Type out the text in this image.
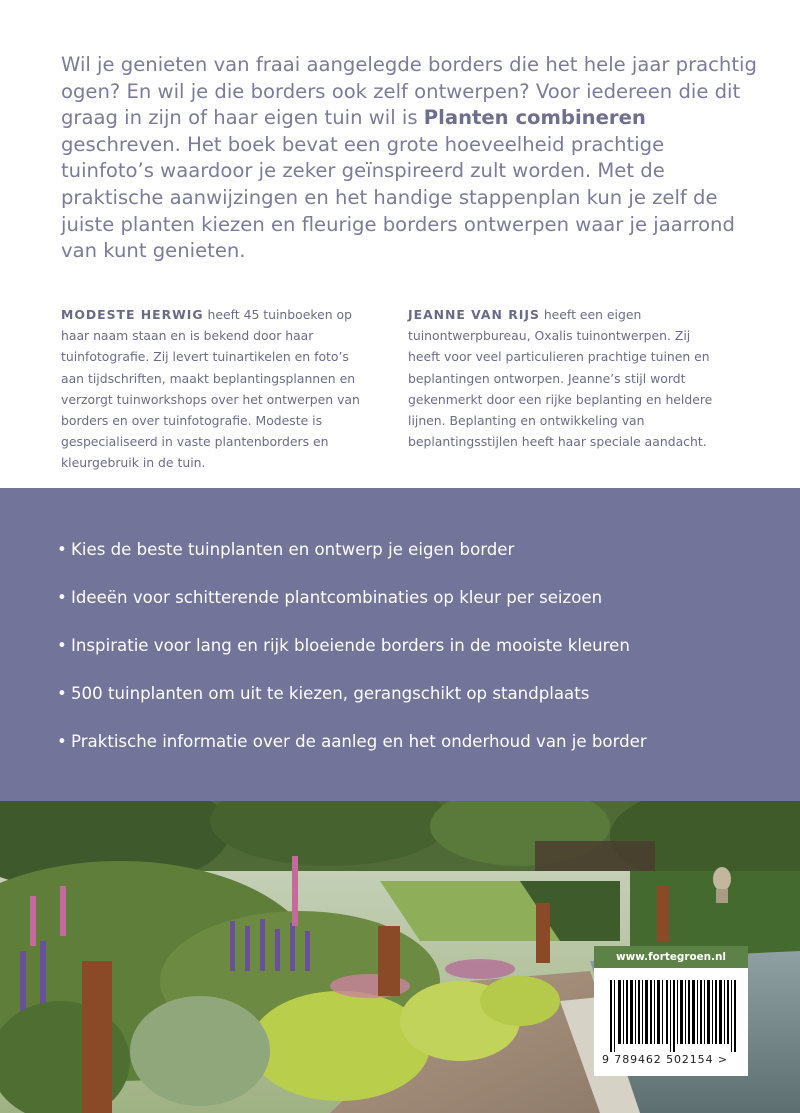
Wil je genieten van fraai aangelegde borders die het hele jaar prachtig ogen? En wil je die borders ook zelf ontwerpen? Voor iedereen die dit graag in zijn of haar eigen tuin wil is Planten combineren geschreven. Het boek bevat een grote hoeveelheid prachtige tuinfoto’s waardoor je zeker geïnspireerd zult worden. Met de praktische aanwijzingen en het handige stappenplan kun je zelf de juiste planten kiezen en fleurige borders ontwerpen waar je jaarrond van kunt genieten.
MODESTE HERWIG heeft 45 tuinboeken op haar naam staan en is bekend door haar tuinfotografie. Zij levert tuinartikelen en foto’s aan tijdschriften, maakt beplantingsplannen en verzorgt tuinworkshops over het ontwerpen van borders en over tuinfotografie. Modeste is gespecialiseerd in vaste plantenborders en kleurgebruik in de tuin.
JEANNE VAN RIJS heeft een eigen tuinontwerpbureau, Oxalis tuinontwerpen. Zij heeft voor veel particulieren prachtige tuinen en beplantingen ontworpen. Jeanne’s stijl wordt gekenmerkt door een rijke beplanting en heldere lijnen. Beplanting en ontwikkeling van beplantingsstijlen heeft haar speciale aandacht.
• Kies de beste tuinplanten en ontwerp je eigen border
• Ideeën voor schitterende plantcombinaties op kleur per seizoen
• Inspiratie voor lang en rijk bloeiende borders in de mooiste kleuren
• 500 tuinplanten om uit te kiezen, gerangschikt op standplaats
• Praktische informatie over de aanleg en het onderhoud van je border
www.fortegroen.nl
9 789462 502154 >
